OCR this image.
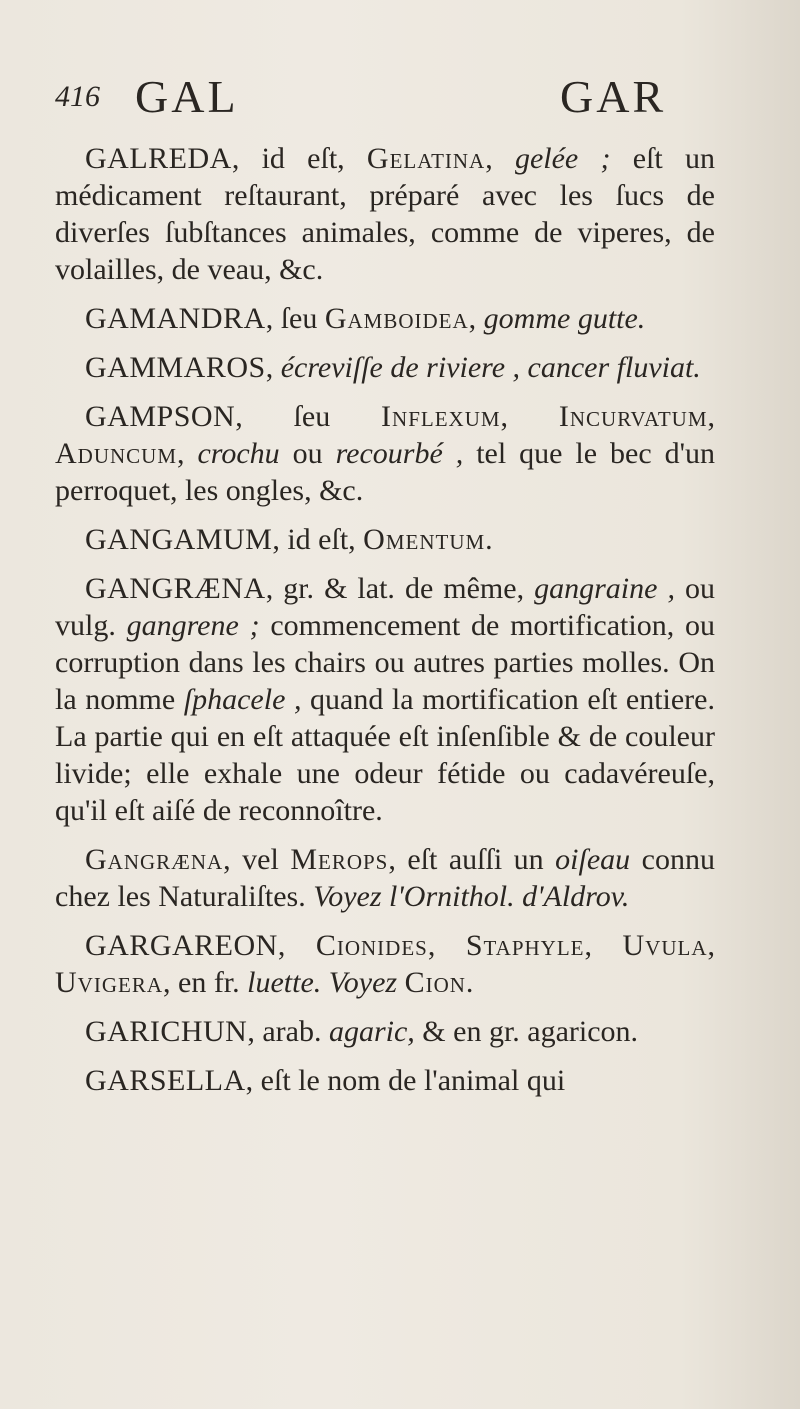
416 GAL	GAR

GALREDA, id eſt, Gelatina, gelée ; eſt un médicament reſtaurant, préparé avec les ſucs de diverſes ſubſtances animales, comme de viperes, de volailles, de veau, &c.

GAMANDRA, ſeu Gamboidea, gomme gutte.

GAMMAROS, écreviſſe de riviere , cancer fluviat.

GAMPSON, ſeu Inflexum, Incurvatum, Aduncum, crochu ou recourbé , tel que le bec d'un perroquet, les ongles, &c.

GANGAMUM, id eſt, Omentum.

GANGRÆNA, gr. & lat. de même, gangraine , ou vulg. gangrene ; commencement de mortification, ou corruption dans les chairs ou autres parties molles. On la nomme ſphacele , quand la mortification eſt entiere. La partie qui en eſt attaquée eſt inſenſible & de couleur livide; elle exhale une odeur fétide ou cadavéreuſe, qu'il eſt aiſé de reconnoître.

Gangræna, vel Merops, eſt auſſi un oiſeau connu chez les Naturaliſtes. Voyez l'Ornithol. d'Aldrov.

GARGAREON, Cionides, Staphyle, Uvula, Uvigera, en fr. luette. Voyez Cion.

GARICHUN, arab. agaric, & en gr. agaricon.

GARSELLA, eſt le nom de l'animal qui
